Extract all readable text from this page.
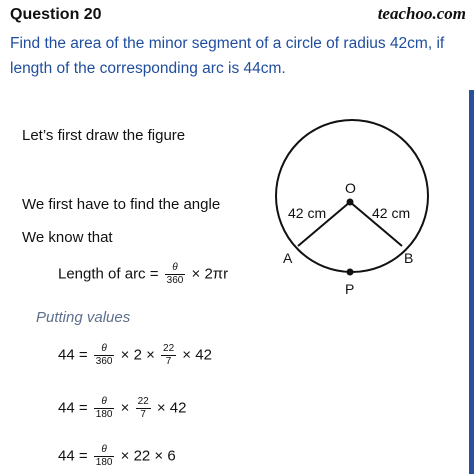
Question 20	teachoo.com
Find the area of the minor segment of a circle of radius 42cm, if length of the corresponding arc is 44cm.
Let’s first draw the figure
We first have to find the angle
We know that
Length of arc = $\frac{\theta}{360} \times 2\pi r$
Putting values
$44 = \frac{\theta}{360} \times 2 \times \frac{22}{7} \times 42$
$44 = \frac{\theta}{180} \times \frac{22}{7} \times 42$
$44 = \frac{\theta}{180} \times 22 \times 6$
O
42 cm	42 cm
A	B
P
